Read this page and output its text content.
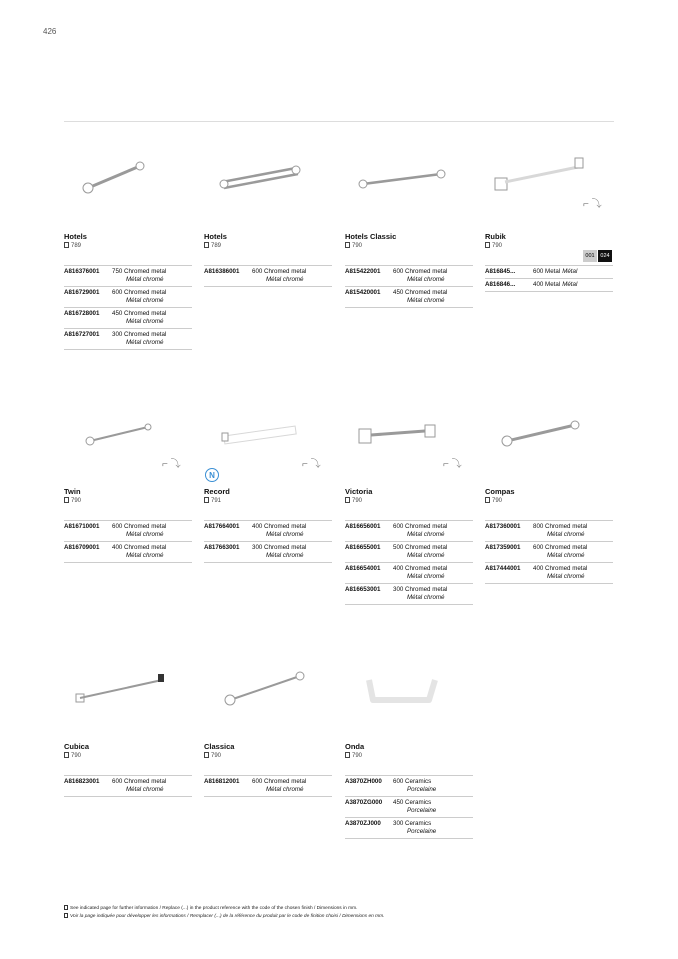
426
Hotels
789
A816376001 750 Chromed metal
Métal chromé
A816729001 600 Chromed metal
Métal chromé
A816728001 450 Chromed metal
Métal chromé
A816727001 300 Chromed metal
Métal chromé
Hotels
789
A816386001 600 Chromed metal
Métal chromé
Hotels Classic
790
A815422001 600 Chromed metal
Métal chromé
A815420001 450 Chromed metal
Métal chromé
⌐ ⤵
Rubik
790
001	024
A816845...	600 Metal Métal
A816846...	400 Metal Métal
⌐ ⤵
Twin
790
A816710001 600 Chromed metal
Métal chromé
A816709001 400 Chromed metal
Métal chromé
⌐ ⤵
Record
791
N
A817664001 400 Chromed metal
Métal chromé
A817663001 300 Chromed metal
Métal chromé
⌐ ⤵
Victoria
790
A816656001 600 Chromed metal
Métal chromé
A816655001 500 Chromed metal
Métal chromé
A816654001 400 Chromed metal
Métal chromé
A816653001 300 Chromed metal
Métal chromé
Compas
790
A817360001 800 Chromed metal
Métal chromé
A817359001 600 Chromed metal
Métal chromé
A817444001 400 Chromed metal
Métal chromé
Cubica
790
A816823001 600 Chromed metal
Métal chromé
Classica
790
A816812001 600 Chromed metal
Métal chromé
Onda
790
A3870ZH000 600 Ceramics
Porcelaine
A3870ZG000 450 Ceramics
Porcelaine
A3870ZJ000 300 Ceramics
Porcelaine
See indicated page for further information / Replace (...) in the product reference with the code of the chosen finish / Dimensions in mm.
Voir la page indiquée pour développer les informations / Remplacer (...) de la référence du produit par le code de finition choisi / Dimensions en mm.
